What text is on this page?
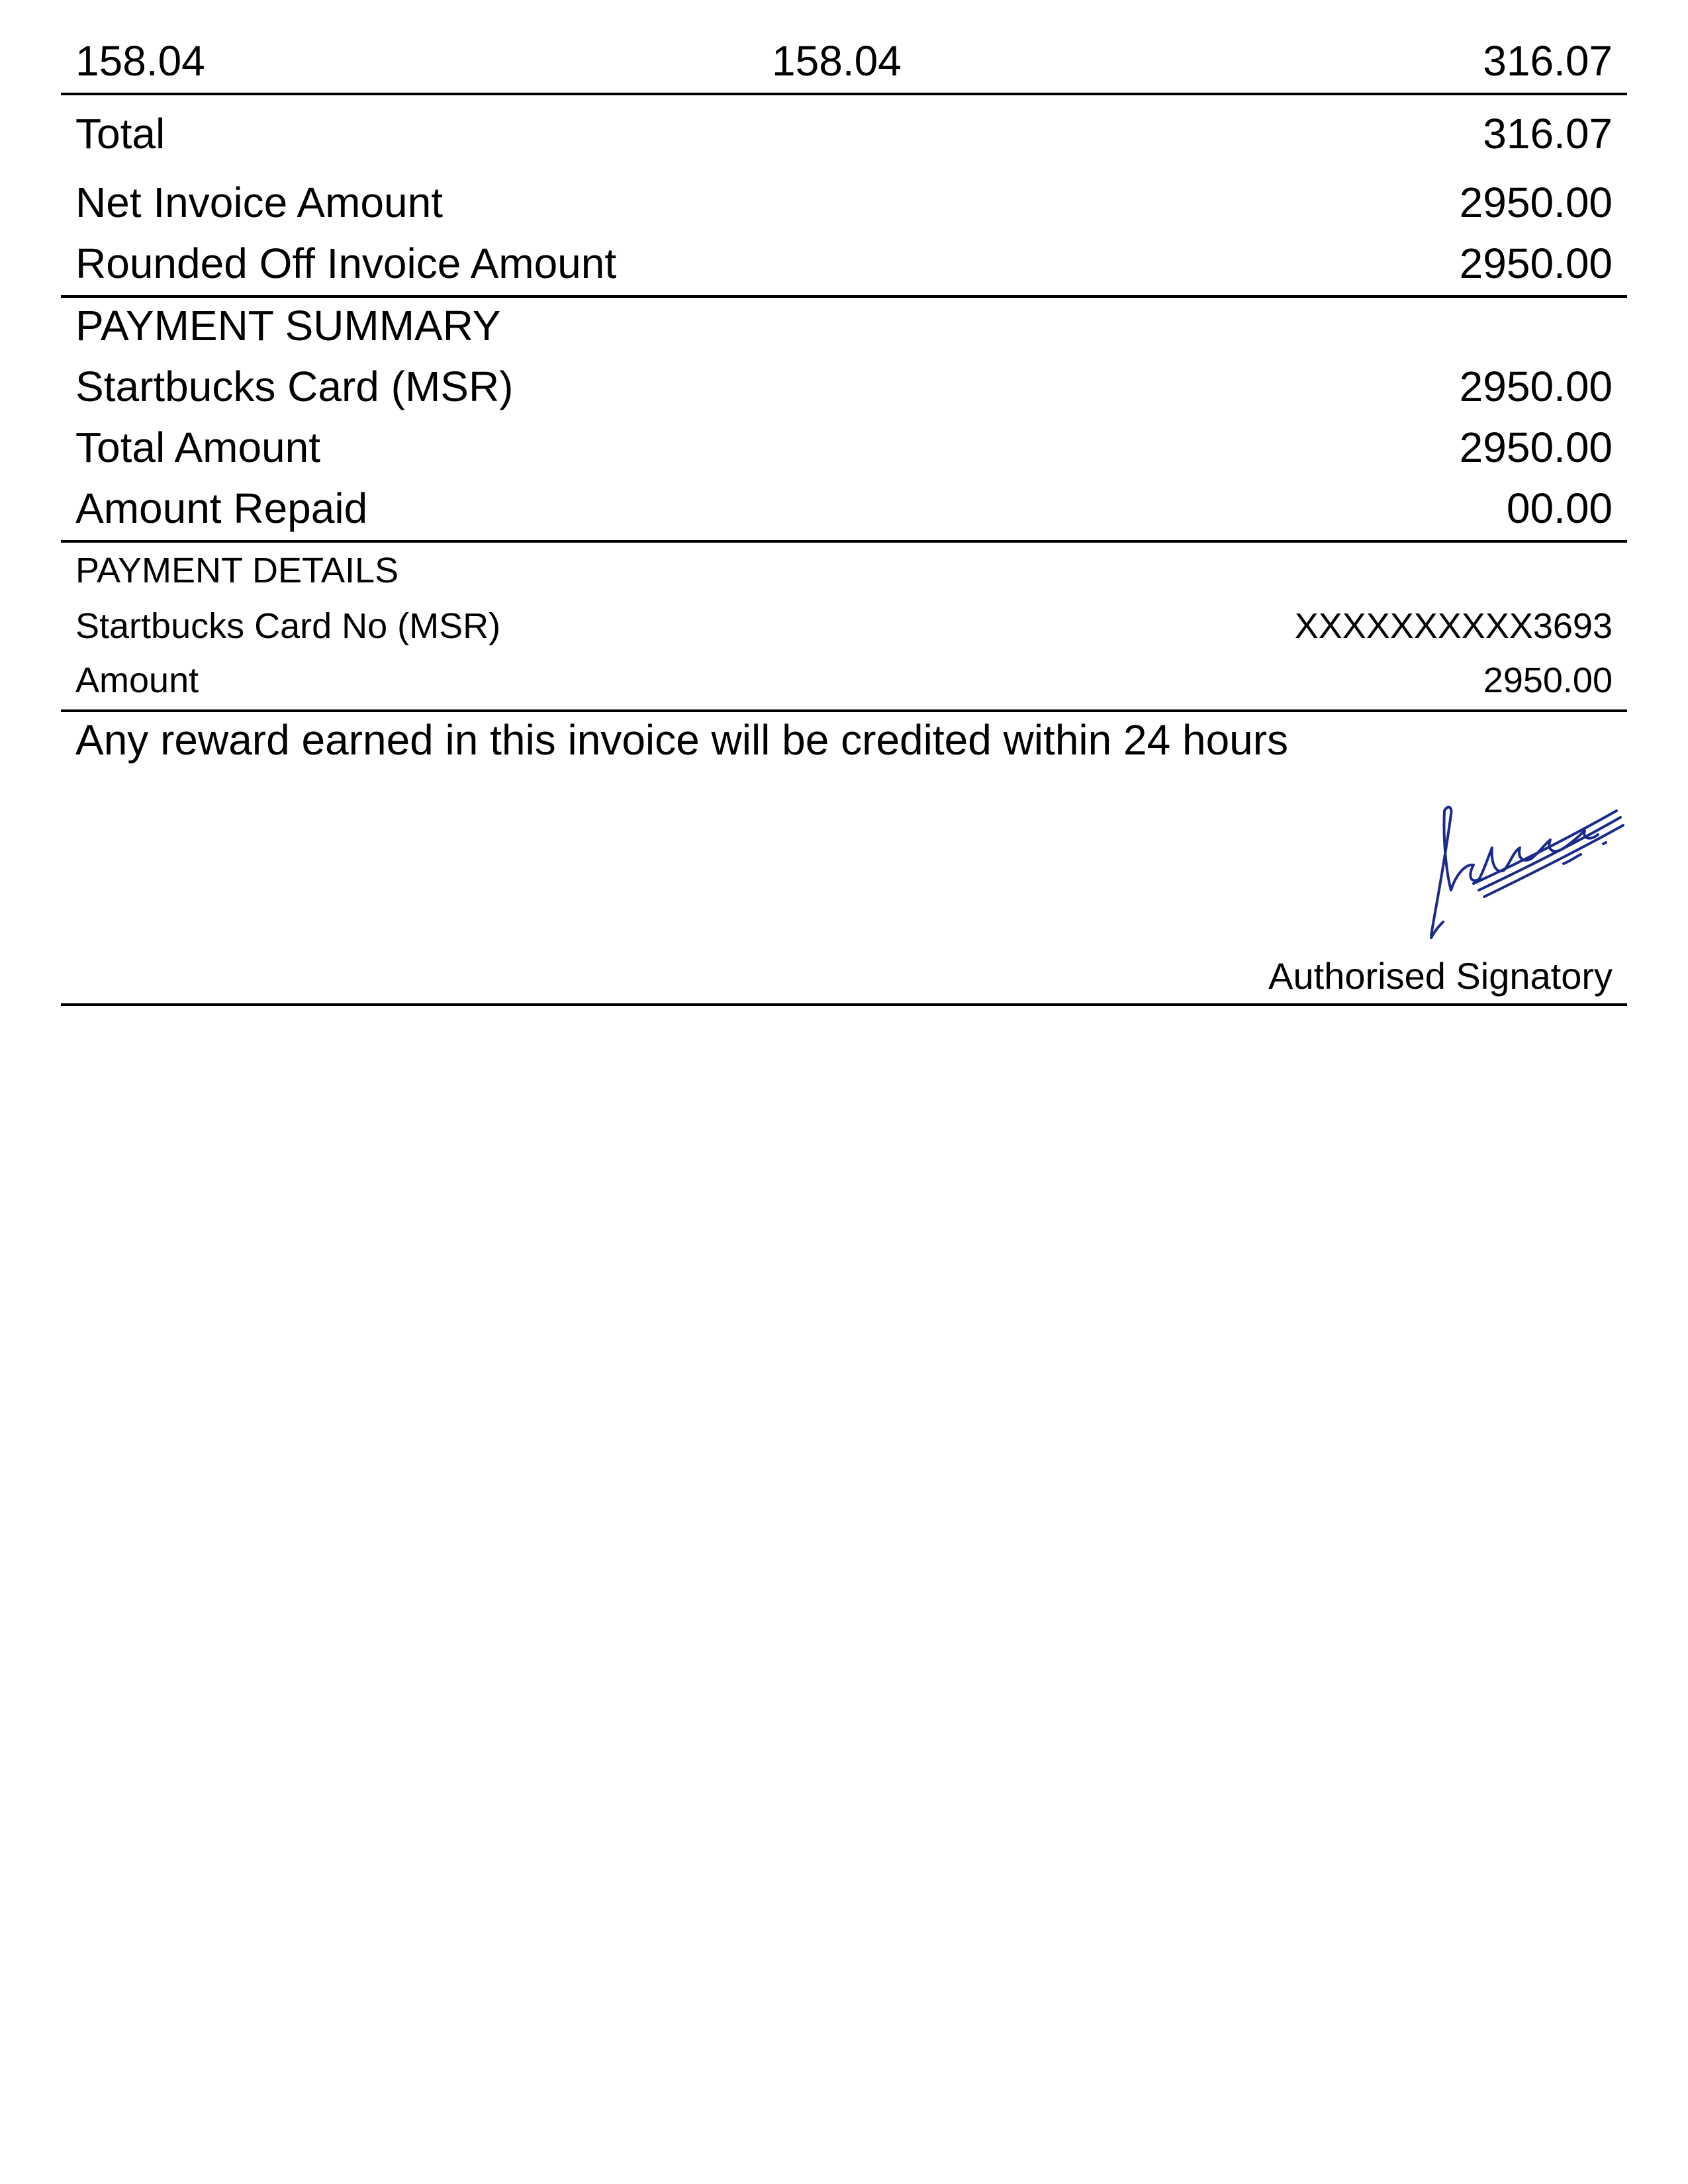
158.04	158.04	316.07
Total	316.07
Net Invoice Amount	2950.00
Rounded Off Invoice Amount	2950.00
PAYMENT SUMMARY
Startbucks Card (MSR)	2950.00
Total Amount	2950.00
Amount Repaid	00.00
PAYMENT DETAILS
Startbucks Card No (MSR)	XXXXXXXXXX3693
Amount	2950.00
Any reward earned in this invoice will be credited within 24 hours
Authorised Signatory
